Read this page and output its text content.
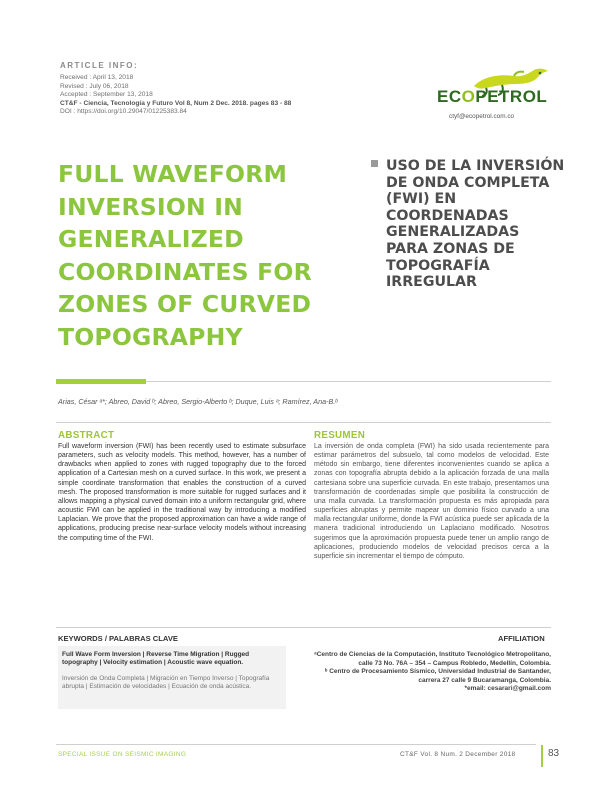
ARTICLE INFO:
Received : April 13, 2018
Revised : July 06, 2018
Accepted : September 13, 2018
CT&F - Ciencia, Tecnología y Futuro Vol 8, Num 2 Dec. 2018. pages 83 - 88
DOI : https://doi.org/10.29047/01225383.84
ECOPETROL
ctyf@ecopetrol.com.co
FULL WAVEFORM INVERSION IN GENERALIZED COORDINATES FOR ZONES OF CURVED TOPOGRAPHY
USO DE LA INVERSIÓN DE ONDA COMPLETA (FWI) EN COORDENADAS GENERALIZADAS PARA ZONAS DE TOPOGRAFÍA IRREGULAR
Arias, César ᵃ*; Abreo, David ᵇ; Abreo, Sergio-Alberto ᵇ; Duque, Luis ᵃ; Ramírez, Ana-B.ᵇ
ABSTRACT
Full waveform inversion (FWI) has been recently used to estimate subsurface parameters, such as velocity models. This method, however, has a number of drawbacks when applied to zones with rugged topography due to the forced application of a Cartesian mesh on a curved surface. In this work, we present a simple coordinate transformation that enables the construction of a curved mesh. The proposed transformation is more suitable for rugged surfaces and it allows mapping a physical curved domain into a uniform rectangular grid, where acoustic FWI can be applied in the traditional way by introducing a modified Laplacian. We prove that the proposed approximation can have a wide range of applications, producing precise near-surface velocity models without increasing the computing time of the FWI.
RESUMEN
La inversión de onda completa (FWI) ha sido usada recientemente para estimar parámetros del subsuelo, tal como modelos de velocidad. Este método sin embargo, tiene diferentes inconvenientes cuando se aplica a zonas con topografía abrupta debido a la aplicación forzada de una malla cartesiana sobre una superficie curvada. En este trabajo, presentamos una transformación de coordenadas simple que posibilita la construcción de una malla curvada. La transformación propuesta es más apropiada para superficies abruptas y permite mapear un dominio físico curvado a una malla rectangular uniforme, donde la FWI acústica puede ser aplicada de la manera tradicional introduciendo un Laplaciano modificado. Nosotros sugerimos que la aproximación propuesta puede tener un amplio rango de aplicaciones, produciendo modelos de velocidad precisos cerca a la superficie sin incrementar el tiempo de cómputo.
KEYWORDS / PALABRAS CLAVE	AFFILIATION
Full Wave Form Inversion | Reverse Time Migration | Rugged topography | Velocity estimation | Acoustic wave equation.
Inversión de Onda Completa | Migración en Tiempo Inverso | Topografía abrupta | Estimación de velocidades | Ecuación de onda acústica.
ᵃCentro de Ciencias de la Computación, Instituto Tecnológico Metropolitano,
calle 73 No. 76A – 354 – Campus Robledo, Medellín, Colombia.
ᵇ Centro de Procesamiento Sísmico, Universidad Industrial de Santander,
carrera 27 calle 9 Bucaramanga, Colombia.
*email: cesarari@gmail.com
SPECIAL ISSUE ON SEISMIC IMAGING	CT&F Vol. 8 Num. 2 December 2018	83
